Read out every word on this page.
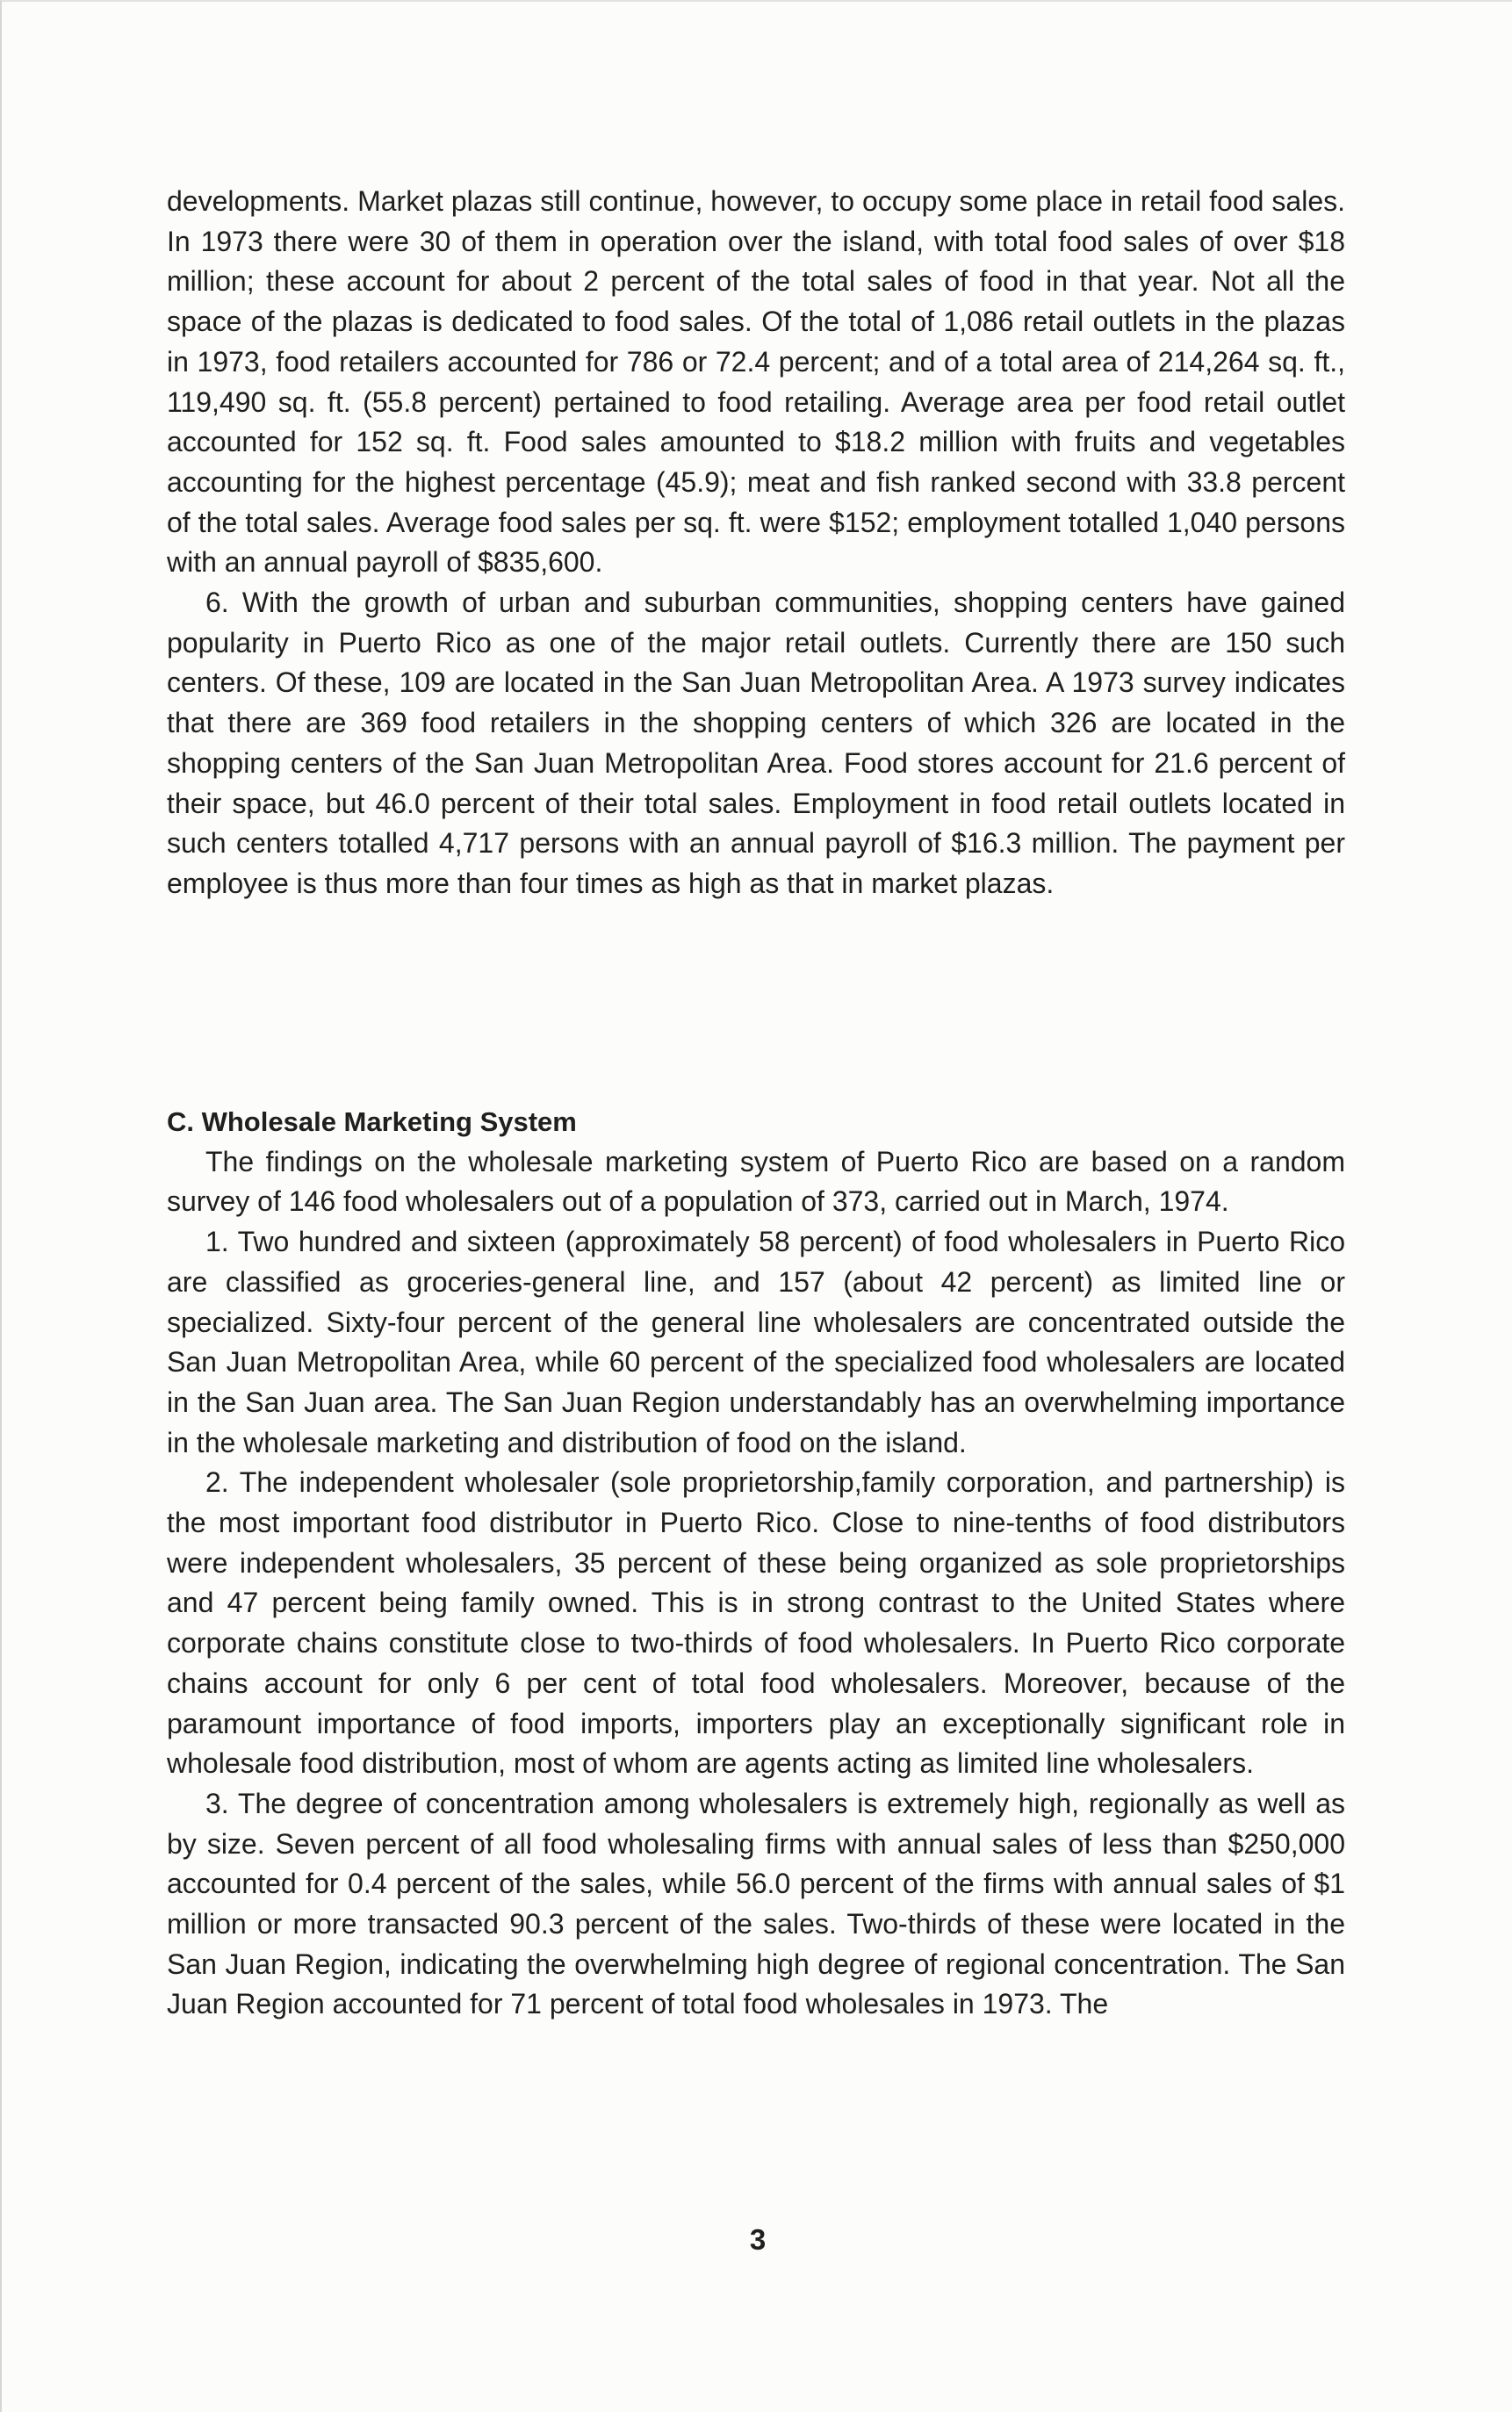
developments. Market plazas still continue, however, to occupy some place in retail food sales. In 1973 there were 30 of them in operation over the island, with total food sales of over $18 million; these account for about 2 percent of the total sales of food in that year. Not all the space of the plazas is dedicated to food sales. Of the total of 1,086 retail outlets in the plazas in 1973, food retailers accounted for 786 or 72.4 percent; and of a total area of 214,264 sq. ft., 119,490 sq. ft. (55.8 percent) pertained to food retailing. Average area per food retail outlet accounted for 152 sq. ft. Food sales amounted to $18.2 million with fruits and vegetables accounting for the highest percentage (45.9); meat and fish ranked second with 33.8 percent of the total sales. Average food sales per sq. ft. were $152; employment totalled 1,040 persons with an annual payroll of $835,600.

6. With the growth of urban and suburban communities, shopping centers have gained popularity in Puerto Rico as one of the major retail outlets. Currently there are 150 such centers. Of these, 109 are located in the San Juan Metropolitan Area. A 1973 survey indicates that there are 369 food retailers in the shopping centers of which 326 are located in the shopping centers of the San Juan Metropolitan Area. Food stores account for 21.6 percent of their space, but 46.0 percent of their total sales. Employment in food retail outlets located in such centers totalled 4,717 persons with an annual payroll of $16.3 million. The payment per employee is thus more than four times as high as that in market plazas.

C. Wholesale Marketing System

The findings on the wholesale marketing system of Puerto Rico are based on a random survey of 146 food wholesalers out of a population of 373, carried out in March, 1974.

1. Two hundred and sixteen (approximately 58 percent) of food wholesalers in Puerto Rico are classified as groceries-general line, and 157 (about 42 percent) as limited line or specialized. Sixty-four percent of the general line wholesalers are concentrated outside the San Juan Metropolitan Area, while 60 percent of the specialized food wholesalers are located in the San Juan area. The San Juan Region understandably has an overwhelming importance in the wholesale marketing and distribution of food on the island.

2. The independent wholesaler (sole proprietorship,family corporation, and partnership) is the most important food distributor in Puerto Rico. Close to nine-tenths of food distributors were independent wholesalers, 35 percent of these being organized as sole proprietorships and 47 percent being family owned. This is in strong contrast to the United States where corporate chains constitute close to two-thirds of food wholesalers. In Puerto Rico corporate chains account for only 6 per cent of total food wholesalers. Moreover, because of the paramount importance of food imports, importers play an exceptionally significant role in wholesale food distribution, most of whom are agents acting as limited line wholesalers.

3. The degree of concentration among wholesalers is extremely high, regionally as well as by size. Seven percent of all food wholesaling firms with annual sales of less than $250,000 accounted for 0.4 percent of the sales, while 56.0 percent of the firms with annual sales of $1 million or more transacted 90.3 percent of the sales. Two-thirds of these were located in the San Juan Region, indicating the overwhelming high degree of regional concentration. The San Juan Region accounted for 71 percent of total food wholesales in 1973. The

3
